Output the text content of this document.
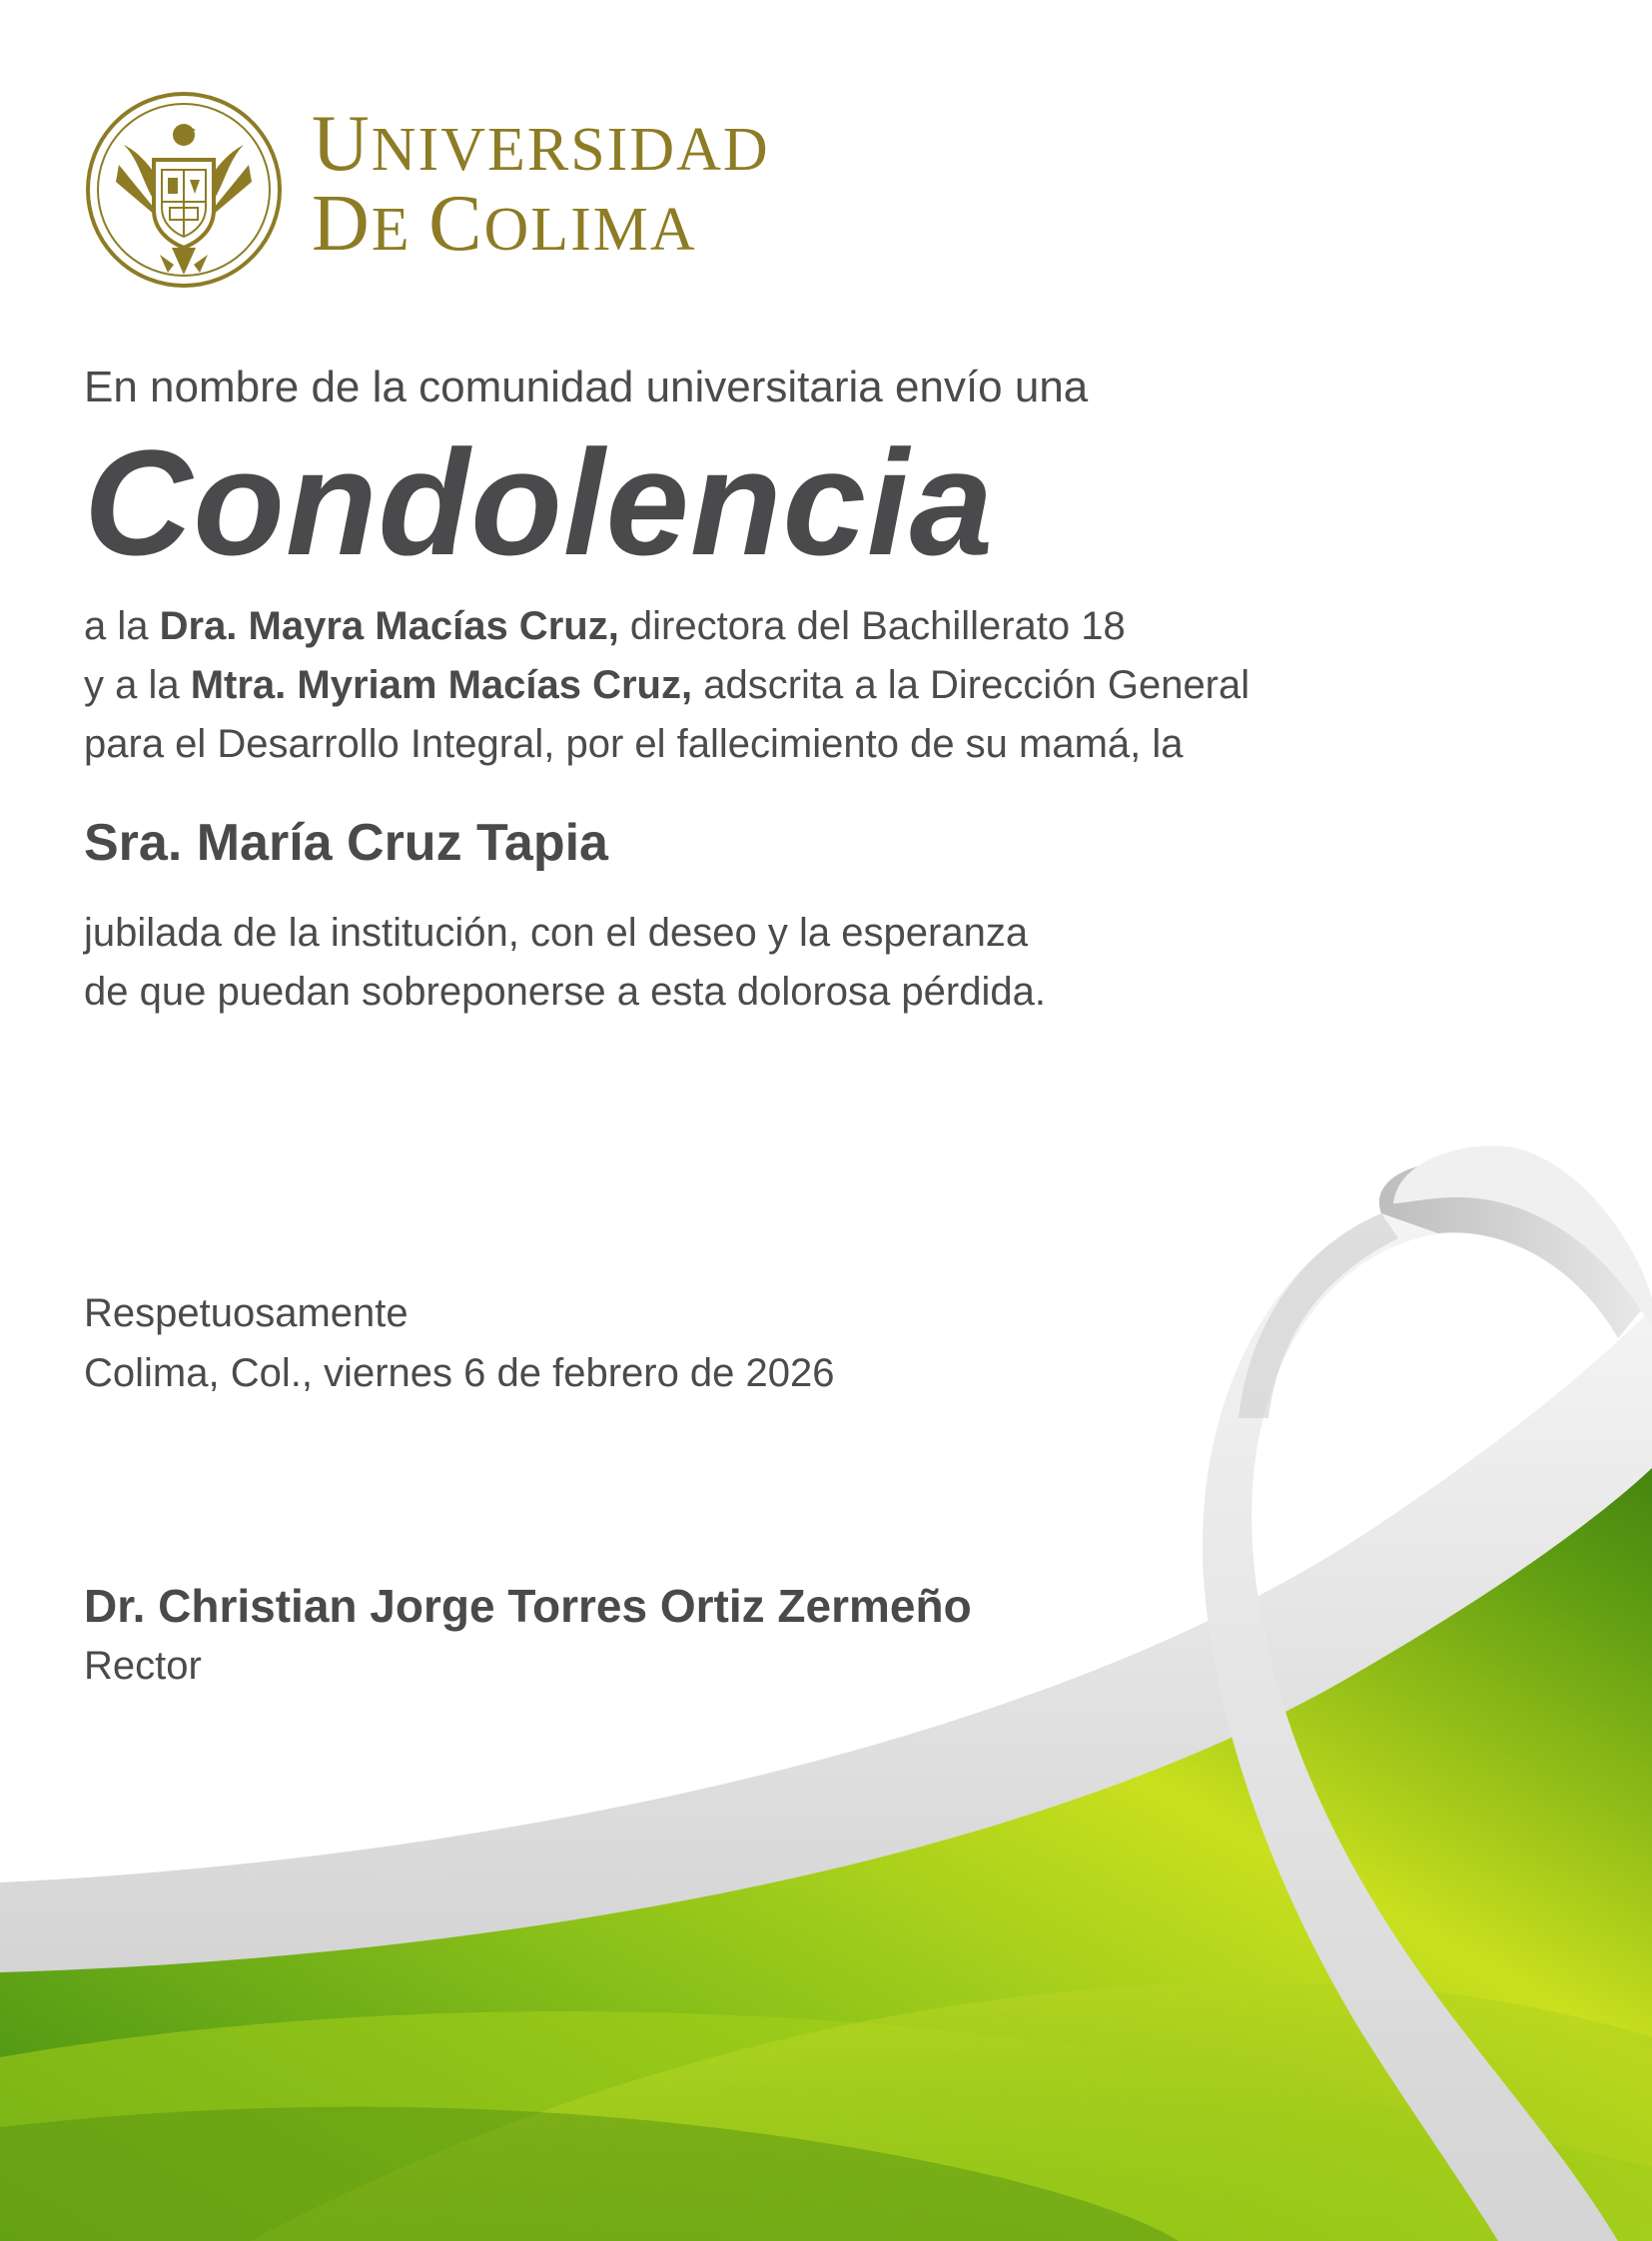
UNIVERSIDAD
DE COLIMA
En nombre de la comunidad universitaria envío una
Condolencia
a la Dra. Mayra Macías Cruz, directora del Bachillerato 18
y a la Mtra. Myriam Macías Cruz, adscrita a la Dirección General
para el Desarrollo Integral, por el fallecimiento de su mamá, la
Sra. María Cruz Tapia
jubilada de la institución, con el deseo y la esperanza
de que puedan sobreponerse a esta dolorosa pérdida.
Respetuosamente
Colima, Col., viernes 6 de febrero de 2026
Dr. Christian Jorge Torres Ortiz Zermeño
Rector
